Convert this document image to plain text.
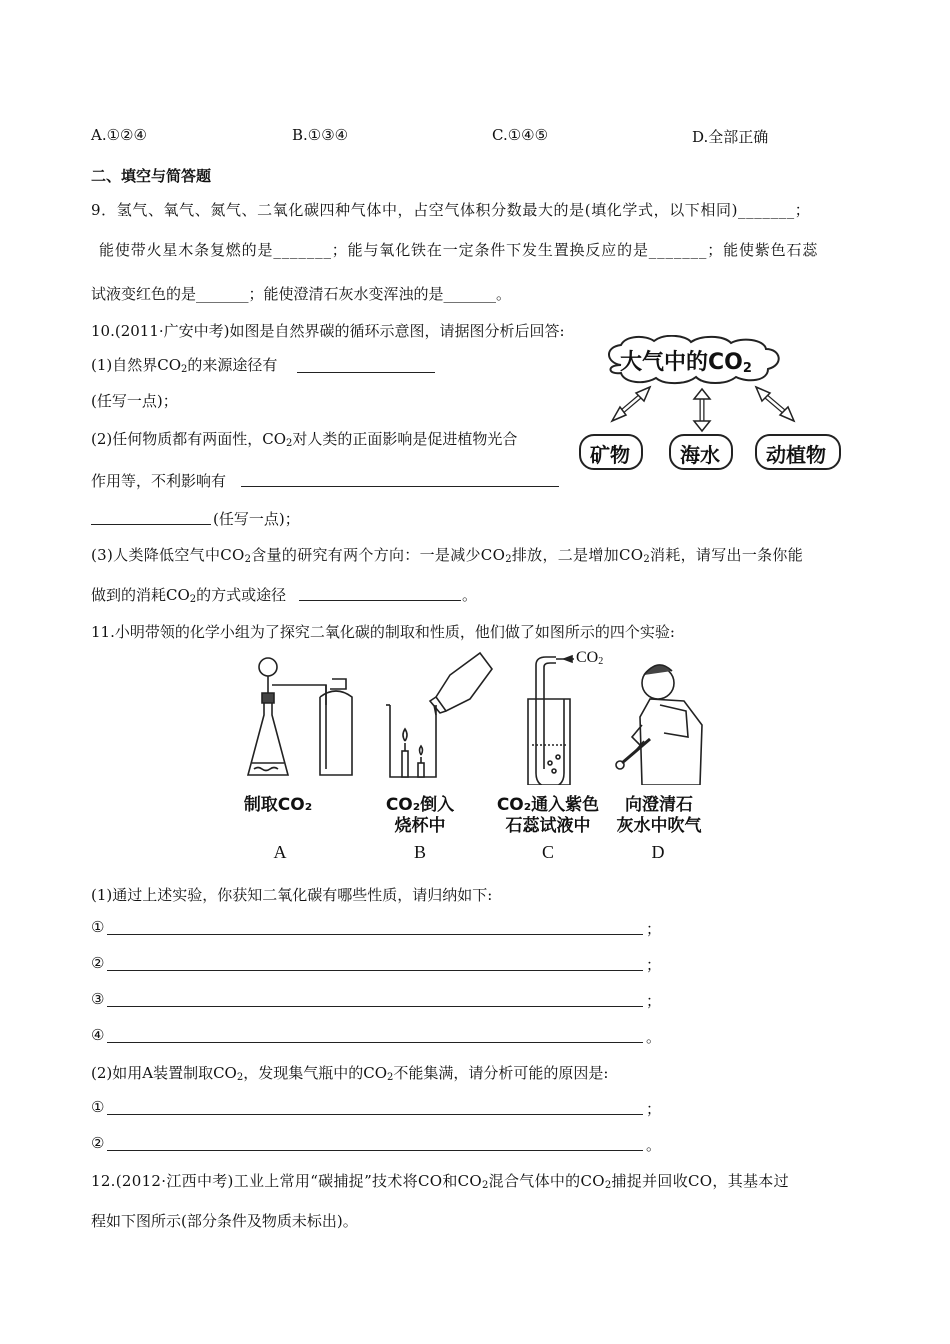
A.①②④	B.①③④	C.①④⑤	D.全部正确
二、填空与简答题
9．氢气、氧气、氮气、二氧化碳四种气体中，占空气体积分数最大的是(填化学式，以下相同)_______；
能使带火星木条复燃的是_______；能与氧化铁在一定条件下发生置换反应的是_______；能使紫色石蕊
试液变红色的是_______；能使澄清石灰水变浑浊的是_______。
10.(2011·广安中考)如图是自然界碳的循环示意图，请据图分析后回答:
(1)自然界$CO_2$的来源途径有
(任写一点)；
(2)任何物质都有两面性，$CO_2$对人类的正面影响是促进植物光合
作用等，不利影响有
(任写一点)；
(3)人类降低空气中$CO_2$含量的研究有两个方向：一是减少$CO_2$排放，二是增加$CO_2$消耗，请写出一条你能
做到的消耗$CO_2$的方式或途径	。
大气中的CO2
矿物	海水 动植物
11.小明带领的化学小组为了探究二氧化碳的制取和性质，他们做了如图所示的四个实验:
$CO_2$
制取CO₂	CO₂倒入
烧杯中
CO₂通入紫色
石蕊试液中
向澄清石
灰水中吹气
A	B	C	D
(1)通过上述实验，你获知二氧化碳有哪些性质，请归纳如下:
①	；
②	；
③	；
④	。
(2)如用A装置制取$CO_2$，发现集气瓶中的$CO_2$不能集满，请分析可能的原因是:
①	；
②	。
12.(2012·江西中考)工业上常用“碳捕捉”技术将CO和$CO_2$混合气体中的$CO_2$捕捉并回收CO，其基本过
程如下图所示(部分条件及物质未标出)。
